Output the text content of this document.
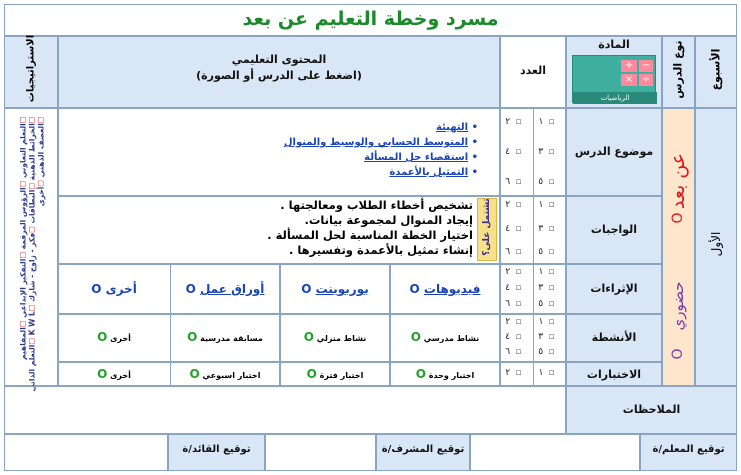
مسرد وخطة التعليم عن بعد
الأسبوع
نوع الدرس
المادة
+ −
× ÷
الرياضيات
العدد
المحتوى التعليمي
(اضغط على الدرس أو الصورة)
الاستراتيجيات
الأول
عن بعد
O
حضوري
O
موضوع الدرس
الواجبات
الإثراءات
الأنشطة
الاختبارات
١ ☐
٢ ☐
٣ ☐
٤ ☐
٥ ☐
٦ ☐
١ ☐
٢ ☐
٣ ☐
٤ ☐
٥ ☐
٦ ☐
١ ☐
٢ ☐
٣ ☐
٤ ☐
٥ ☐
٦ ☐
١ ☐
٢ ☐
٣ ☐
٤ ☐
٥ ☐
٦ ☐
١ ☐
٢ ☐
• التهيئة
• المتوسط الحسابي والوسيط والمنوال
• استقصاء حل المسألة
• التمثيل بالأعمدة
تشتمل على؟
تشخيص أخطاء الطلاب ومعالجتها .
إيجاد المنوال لمجموعة بيانات.
اختيار الخطة المناسبة لحل المسألة .
إنشاء تمثيل بالأعمدة وتفسيرها .
فيديوهات O
بوربوينت O
أوراق عمل O
أخرى O
نشاط مدرسي O
نشاط منزلي O
مسابقة مدرسية O
أخرى O
اختبار وحدة O
اختبار فترة O
اختبار اسبوعي O
أخرى O
☐التعلم التعاوني ☐الرؤوس المرقمة ☐التفكير الإبداعي ☐المفاهيم ☐الخرائط الذهنية ☐البطاقات ☐فكر - زاوج - شارك ☐K W L ☐التعلم الذاتي ☐العصف الذهني ☐أخرى
الملاحظات
توقيع المعلم/ة
توقيع المشرف/ة
توقيع القائد/ة
